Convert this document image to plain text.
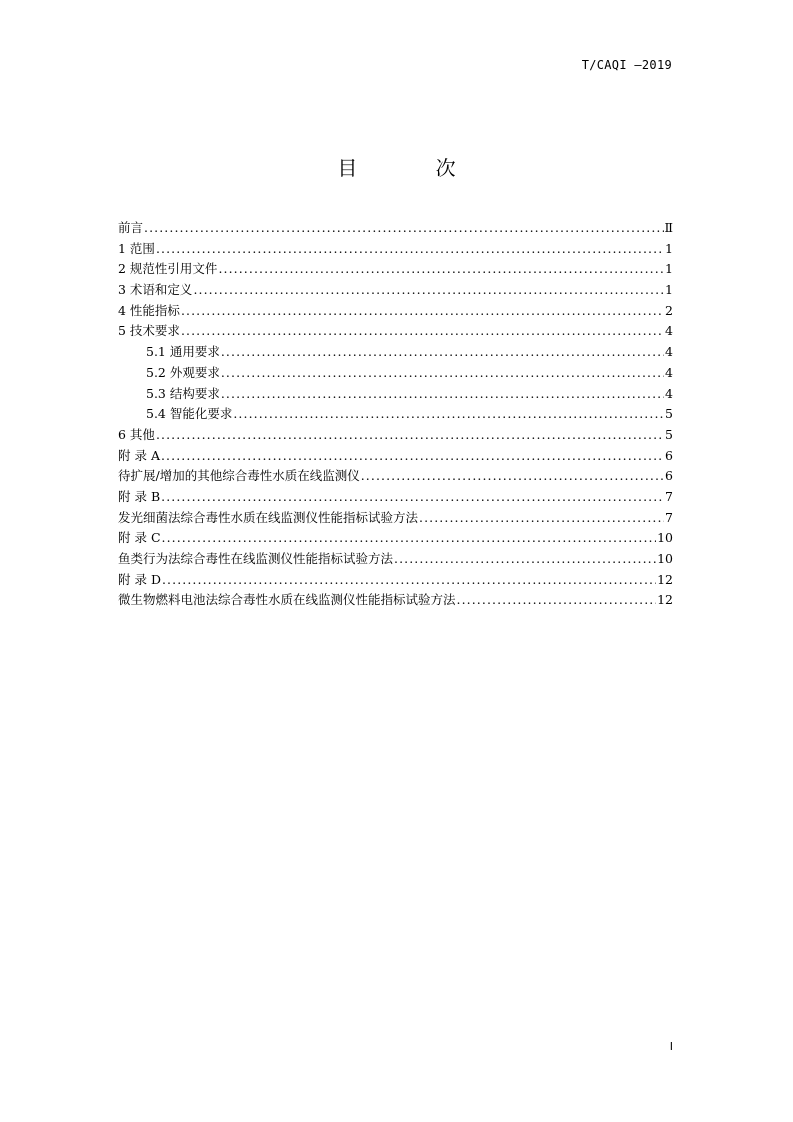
T/CAQI —2019
目 次
前言 .....	Ⅱ
1 范围 .....	1
2 规范性引用文件 .....	1
3 术语和定义 .....	1
4 性能指标 .....	2
5 技术要求 .....	4
5.1 通用要求 .....	4
5.2 外观要求 .....	4
5.3 结构要求 .....	4
5.4 智能化要求 .....	5
6 其他 .....	5
附 录 A .....	6
待扩展/增加的其他综合毒性水质在线监测仪 .....	6
附 录 B .....	7
发光细菌法综合毒性水质在线监测仪性能指标试验方法 .....	7
附 录 C .....	10
鱼类行为法综合毒性在线监测仪性能指标试验方法 .....	10
附 录 D .....	12
微生物燃料电池法综合毒性水质在线监测仪性能指标试验方法 .....	12
I
